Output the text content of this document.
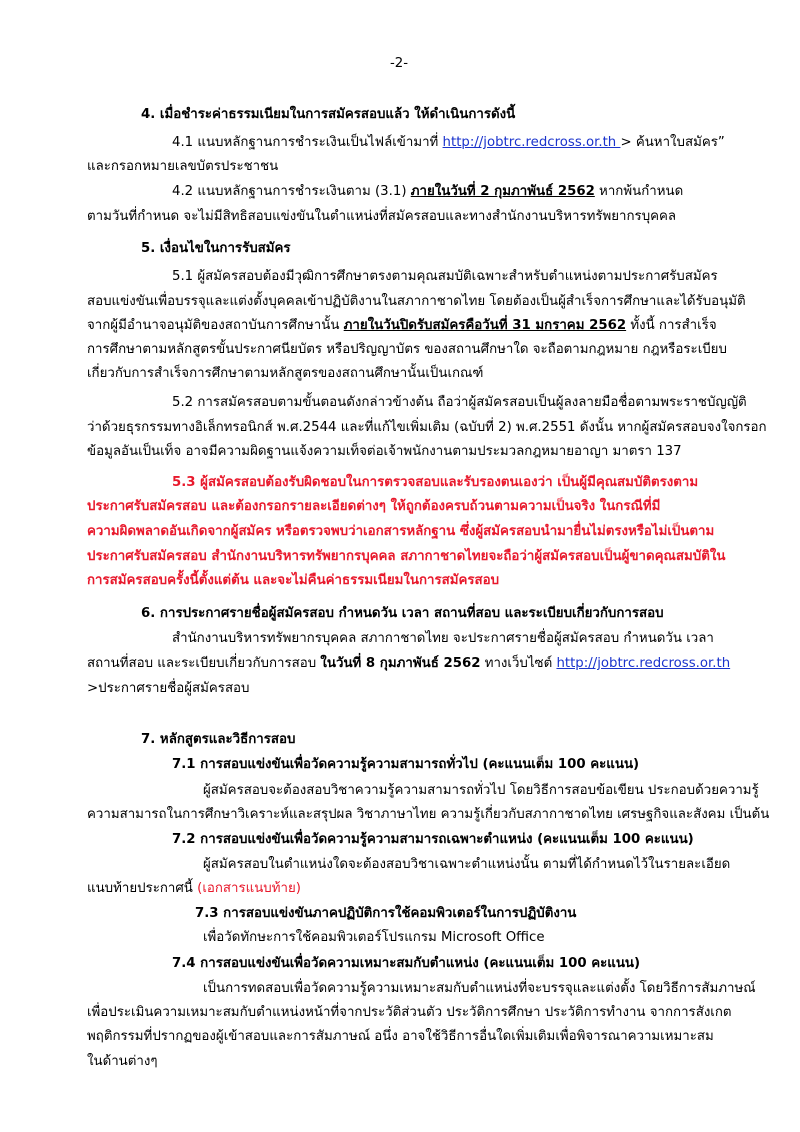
-2-
4. เมื่อชำระค่าธรรมเนียมในการสมัครสอบแล้ว ให้ดำเนินการดังนี้
4.1 แนบหลักฐานการชำระเงินเป็นไฟล์เข้ามาที่ http://jobtrc.redcross.or.th > ค้นหาใบสมัคร”
และกรอกหมายเลขบัตรประชาชน
4.2 แนบหลักฐานการชำระเงินตาม (3.1) ภายในวันที่ 2 กุมภาพันธ์ 2562 หากพ้นกำหนด
ตามวันที่กำหนด จะไม่มีสิทธิสอบแข่งขันในตำแหน่งที่สมัครสอบและทางสำนักงานบริหารทรัพยากรบุคคล
5. เงื่อนไขในการรับสมัคร
5.1 ผู้สมัครสอบต้องมีวุฒิการศึกษาตรงตามคุณสมบัติเฉพาะสำหรับตำแหน่งตามประกาศรับสมัคร
สอบแข่งขันเพื่อบรรจุและแต่งตั้งบุคคลเข้าปฏิบัติงานในสภากาชาดไทย โดยต้องเป็นผู้สำเร็จการศึกษาและได้รับอนุมัติ
จากผู้มีอำนาจอนุมัติของสถาบันการศึกษานั้น ภายในวันปิดรับสมัครคือวันที่ 31 มกราคม 2562 ทั้งนี้ การสำเร็จ
การศึกษาตามหลักสูตรขั้นประกาศนียบัตร หรือปริญญาบัตร ของสถานศึกษาใด จะถือตามกฎหมาย กฎหรือระเบียบ
เกี่ยวกับการสำเร็จการศึกษาตามหลักสูตรของสถานศึกษานั้นเป็นเกณฑ์
5.2 การสมัครสอบตามขั้นตอนดังกล่าวข้างต้น ถือว่าผู้สมัครสอบเป็นผู้ลงลายมือชื่อตามพระราชบัญญัติ
ว่าด้วยธุรกรรมทางอิเล็กทรอนิกส์ พ.ศ.2544 และที่แก้ไขเพิ่มเติม (ฉบับที่ 2) พ.ศ.2551 ดังนั้น หากผู้สมัครสอบจงใจกรอก
ข้อมูลอันเป็นเท็จ อาจมีความผิดฐานแจ้งความเท็จต่อเจ้าพนักงานตามประมวลกฎหมายอาญา มาตรา 137
5.3 ผู้สมัครสอบต้องรับผิดชอบในการตรวจสอบและรับรองตนเองว่า เป็นผู้มีคุณสมบัติตรงตาม
ประกาศรับสมัครสอบ และต้องกรอกรายละเอียดต่างๆ ให้ถูกต้องครบถ้วนตามความเป็นจริง ในกรณีที่มี
ความผิดพลาดอันเกิดจากผู้สมัคร หรือตรวจพบว่าเอกสารหลักฐาน ซึ่งผู้สมัครสอบนำมายื่นไม่ตรงหรือไม่เป็นตาม
ประกาศรับสมัครสอบ สำนักงานบริหารทรัพยากรบุคคล สภากาชาดไทยจะถือว่าผู้สมัครสอบเป็นผู้ขาดคุณสมบัติใน
การสมัครสอบครั้งนี้ตั้งแต่ต้น และจะไม่คืนค่าธรรมเนียมในการสมัครสอบ
6. การประกาศรายชื่อผู้สมัครสอบ กำหนดวัน เวลา สถานที่สอบ และระเบียบเกี่ยวกับการสอบ
สำนักงานบริหารทรัพยากรบุคคล สภากาชาดไทย จะประกาศรายชื่อผู้สมัครสอบ กำหนดวัน เวลา
สถานที่สอบ และระเบียบเกี่ยวกับการสอบ ในวันที่ 8 กุมภาพันธ์ 2562 ทางเว็บไซต์ http://jobtrc.redcross.or.th
>ประกาศรายชื่อผู้สมัครสอบ
7. หลักสูตรและวิธีการสอบ
7.1 การสอบแข่งขันเพื่อวัดความรู้ความสามารถทั่วไป (คะแนนเต็ม 100 คะแนน)
ผู้สมัครสอบจะต้องสอบวิชาความรู้ความสามารถทั่วไป โดยวิธีการสอบข้อเขียน ประกอบด้วยความรู้
ความสามารถในการศึกษาวิเคราะห์และสรุปผล วิชาภาษาไทย ความรู้เกี่ยวกับสภากาชาดไทย เศรษฐกิจและสังคม เป็นต้น
7.2 การสอบแข่งขันเพื่อวัดความรู้ความสามารถเฉพาะตำแหน่ง (คะแนนเต็ม 100 คะแนน)
ผู้สมัครสอบในตำแหน่งใดจะต้องสอบวิชาเฉพาะตำแหน่งนั้น ตามที่ได้กำหนดไว้ในรายละเอียด
แนบท้ายประกาศนี้ (เอกสารแนบท้าย)
7.3 การสอบแข่งขันภาคปฏิบัติการใช้คอมพิวเตอร์ในการปฏิบัติงาน
เพื่อวัดทักษะการใช้คอมพิวเตอร์โปรแกรม Microsoft Office
7.4 การสอบแข่งขันเพื่อวัดความเหมาะสมกับตำแหน่ง (คะแนนเต็ม 100 คะแนน)
เป็นการทดสอบเพื่อวัดความรู้ความเหมาะสมกับตำแหน่งที่จะบรรจุและแต่งตั้ง โดยวิธีการสัมภาษณ์
เพื่อประเมินความเหมาะสมกับตำแหน่งหน้าที่จากประวัติส่วนตัว ประวัติการศึกษา ประวัติการทำงาน จากการสังเกต
พฤติกรรมที่ปรากฏของผู้เข้าสอบและการสัมภาษณ์ อนึ่ง อาจใช้วิธีการอื่นใดเพิ่มเติมเพื่อพิจารณาความเหมาะสม
ในด้านต่างๆ
